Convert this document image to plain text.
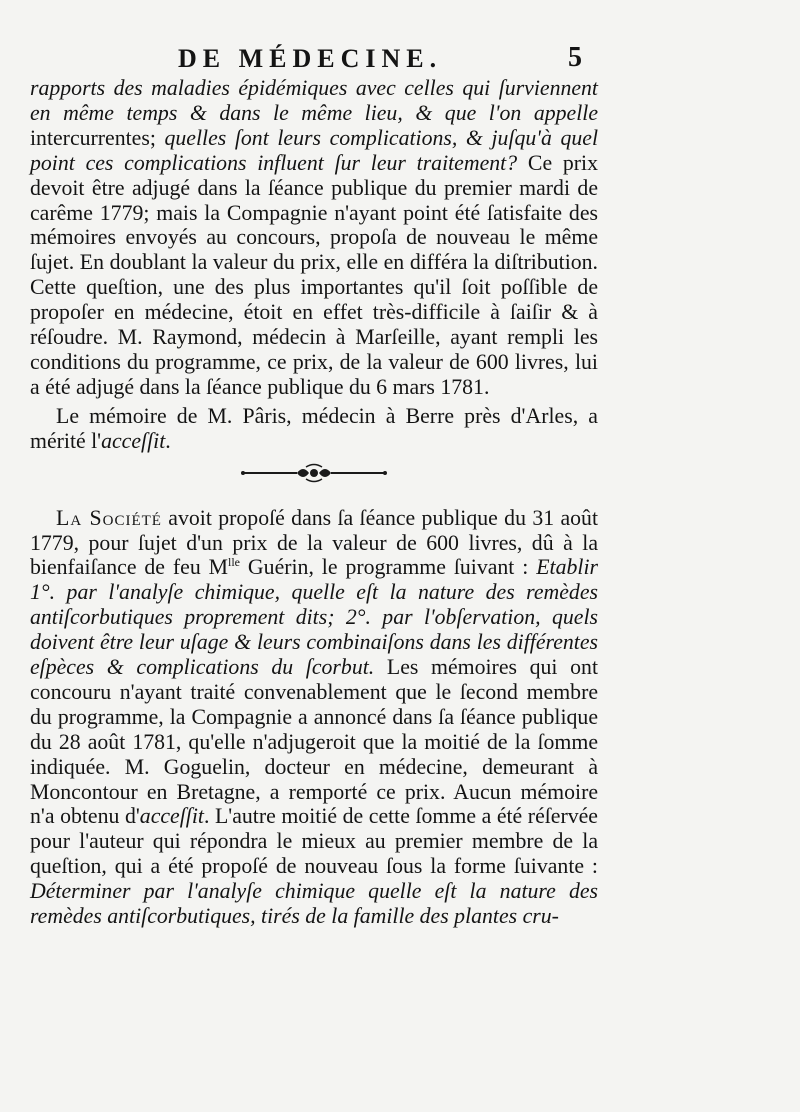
DE MÉDECINE.	5

rapports des maladies épidémiques avec celles qui ſurviennent en même temps & dans le même lieu, & que l'on appelle intercurrentes; quelles ſont leurs complications, & juſqu'à quel point ces complications influent ſur leur traitement? Ce prix devoit être adjugé dans la ſéance publique du premier mardi de carême 1779; mais la Compagnie n'ayant point été ſatisfaite des mémoires envoyés au concours, propoſa de nouveau le même ſujet. En doublant la valeur du prix, elle en différa la diſtribution. Cette queſtion, une des plus importantes qu'il ſoit poſſible de propoſer en médecine, étoit en effet très-difficile à ſaiſir & à réſoudre. M. Raymond, médecin à Marſeille, ayant rempli les conditions du programme, ce prix, de la valeur de 600 livres, lui a été adjugé dans la ſéance publique du 6 mars 1781.

Le mémoire de M. Pâris, médecin à Berre près d'Arles, a mérité l'acceſſit.

La Société avoit propoſé dans ſa ſéance publique du 31 août 1779, pour ſujet d'un prix de la valeur de 600 livres, dû à la bienfaiſance de feu $M^{lle}$ Guérin, le programme ſuivant : Etablir 1°. par l'analyſe chimique, quelle eſt la nature des remèdes antiſcorbutiques proprement dits; 2°. par l'obſervation, quels doivent être leur uſage & leurs combinaiſons dans les différentes eſpèces & complications du ſcorbut. Les mémoires qui ont concouru n'ayant traité convenablement que le ſecond membre du programme, la Compagnie a annoncé dans ſa ſéance publique du 28 août 1781, qu'elle n'adjugeroit que la moitié de la ſomme indiquée. M. Goguelin, docteur en médecine, demeurant à Moncontour en Bretagne, a remporté ce prix. Aucun mémoire n'a obtenu d'acceſſit. L'autre moitié de cette ſomme a été réſervée pour l'auteur qui répondra le mieux au premier membre de la queſtion, qui a été propoſé de nouveau ſous la forme ſuivante : Déterminer par l'analyſe chimique quelle eſt la nature des remèdes antiſcorbutiques, tirés de la famille des plantes cru-
